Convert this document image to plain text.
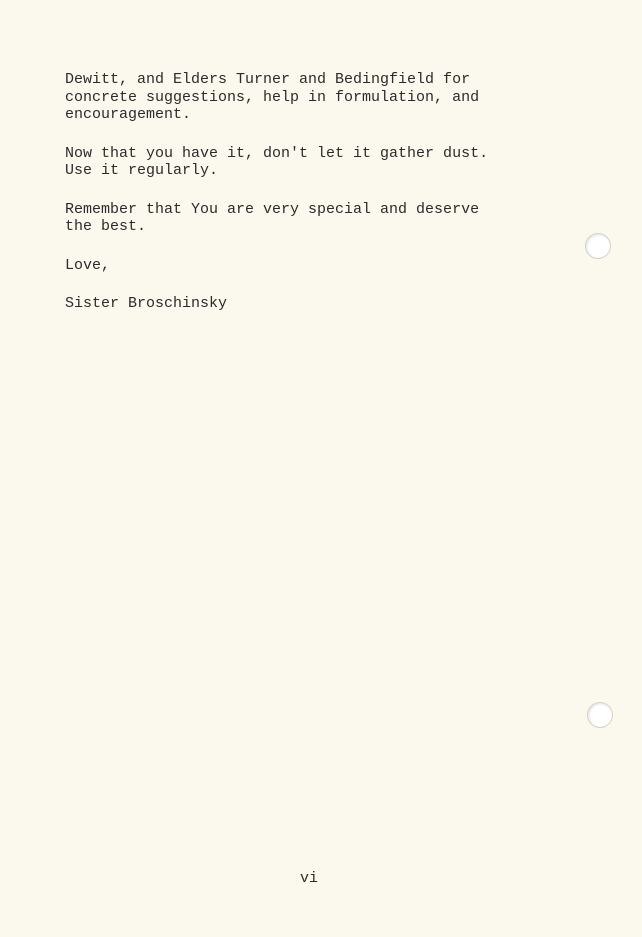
Dewitt, and Elders Turner and Bedingfield for
concrete suggestions, help in formulation, and
encouragement.

Now that you have it, don't let it gather dust.
Use it regularly.

Remember that You are very special and deserve
the best.

Love,

Sister Broschinsky

vi
